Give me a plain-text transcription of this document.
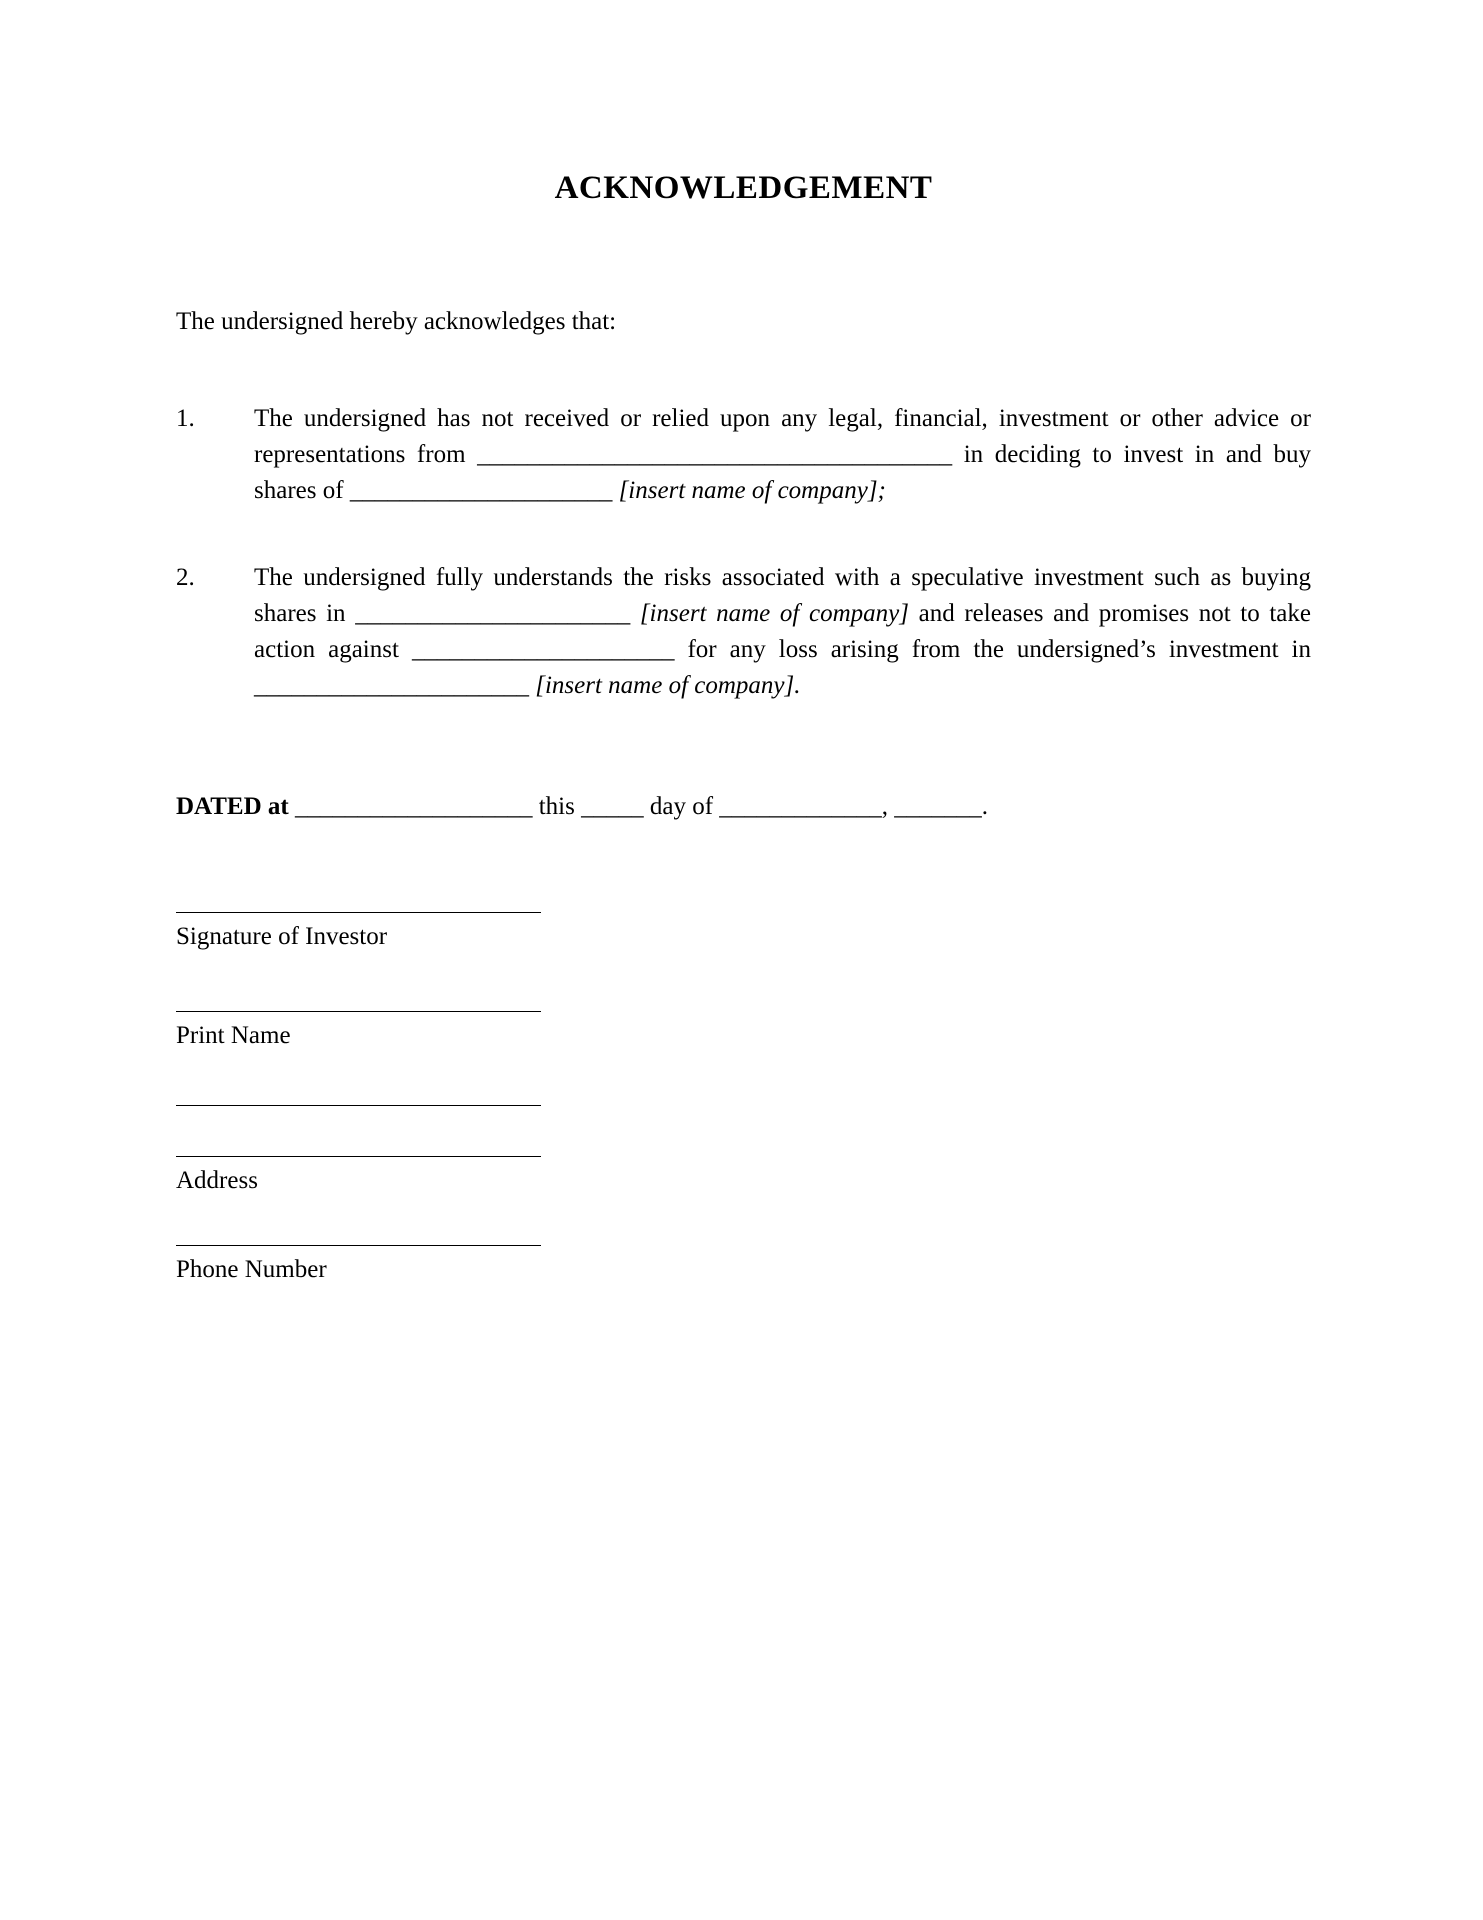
ACKNOWLEDGEMENT
The undersigned hereby acknowledges that:
1.	The undersigned has not received or relied upon any legal, financial, investment or other advice or representations from ______________________________________ in deciding to invest in and buy shares of _____________________ [insert name of company];
2.	The undersigned fully understands the risks associated with a speculative investment such as buying shares in ______________________ [insert name of company] and releases and promises not to take action against _____________________ for any loss arising from the undersigned’s investment in ______________________ [insert name of company].
DATED at ___________________ this _____ day of _____________, _______.
Signature of Investor
Print Name
Address
Phone Number
